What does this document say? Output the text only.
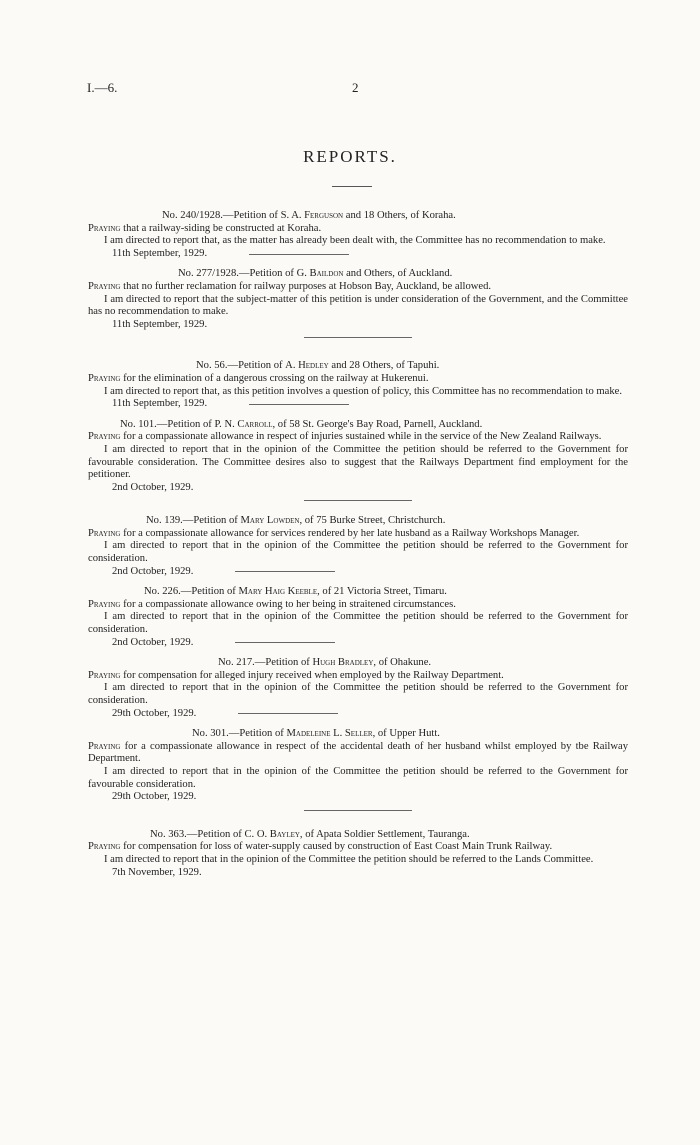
I.—6.	2
REPORTS.
No. 240/1928.—Petition of S. A. Ferguson and 18 Others, of Koraha.
Praying that a railway-siding be constructed at Koraha.
I am directed to report that, as the matter has already been dealt with, the Committee has no recommendation to make.
11th September, 1929.
No. 277/1928.—Petition of G. Baildon and Others, of Auckland.
Praying that no further reclamation for railway purposes at Hobson Bay, Auckland, be allowed.
I am directed to report that the subject-matter of this petition is under consideration of the Government, and the Committee has no recommendation to make.
11th September, 1929.
No. 56.—Petition of A. Hedley and 28 Others, of Tapuhi.
Praying for the elimination of a dangerous crossing on the railway at Hukerenui.
I am directed to report that, as this petition involves a question of policy, this Committee has no recommendation to make.
11th September, 1929.
No. 101.—Petition of P. N. Carroll, of 58 St. George's Bay Road, Parnell, Auckland.
Praying for a compassionate allowance in respect of injuries sustained while in the service of the New Zealand Railways.
I am directed to report that in the opinion of the Committee the petition should be referred to the Government for favourable consideration. The Committee desires also to suggest that the Railways Department find employment for the petitioner.
2nd October, 1929.
No. 139.—Petition of Mary Lowden, of 75 Burke Street, Christchurch.
Praying for a compassionate allowance for services rendered by her late husband as a Railway Workshops Manager.
I am directed to report that in the opinion of the Committee the petition should be referred to the Government for consideration.
2nd October, 1929.
No. 226.—Petition of Mary Haig Keeble, of 21 Victoria Street, Timaru.
Praying for a compassionate allowance owing to her being in straitened circumstances.
I am directed to report that in the opinion of the Committee the petition should be referred to the Government for consideration.
2nd October, 1929.
No. 217.—Petition of Hugh Bradley, of Ohakune.
Praying for compensation for alleged injury received when employed by the Railway Department.
I am directed to report that in the opinion of the Committee the petition should be referred to the Government for consideration.
29th October, 1929.
No. 301.—Petition of Madeleine L. Seller, of Upper Hutt.
Praying for a compassionate allowance in respect of the accidental death of her husband whilst employed by tbe Railway Department.
I am directed to report that in the opinion of the Committee the petition should be referred to the Government for favourable consideration.
29th October, 1929.
No. 363.—Petition of C. O. Bayley, of Apata Soldier Settlement, Tauranga.
Praying for compensation for loss of water-supply caused by construction of East Coast Main Trunk Railway.
I am directed to report that in the opinion of the Committee the petition should be referred to the Lands Committee.
7th November, 1929.
